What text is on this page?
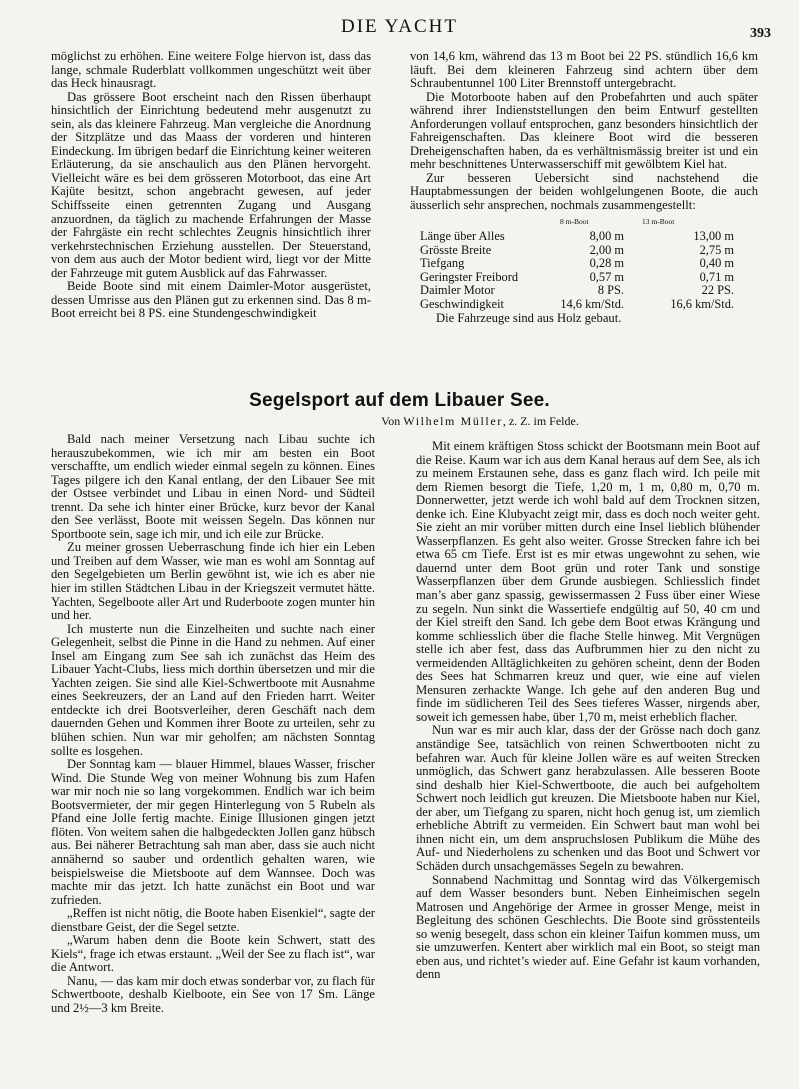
DIE YACHT	393

möglichst zu erhöhen. Eine weitere Folge hiervon ist, dass das lange, schmale Ruderblatt vollkommen ungeschützt weit über das Heck hinausragt.

Das grössere Boot erscheint nach den Rissen überhaupt hinsichtlich der Einrichtung bedeutend mehr ausgenutzt zu sein, als das kleinere Fahrzeug. Man vergleiche die Anordnung der Sitzplätze und das Maass der vorderen und hinteren Eindeckung. Im übrigen bedarf die Einrichtung keiner weiteren Erläuterung, da sie anschaulich aus den Plänen hervorgeht. Vielleicht wäre es bei dem grösseren Motorboot, das eine Art Kajüte besitzt, schon angebracht gewesen, auf jeder Schiffsseite einen getrennten Zugang und Ausgang anzuordnen, da täglich zu machende Erfahrungen der Masse der Fahrgäste ein recht schlechtes Zeugnis hinsichtlich ihrer verkehrstechnischen Erziehung ausstellen. Der Steuerstand, von dem aus auch der Motor bedient wird, liegt vor der Mitte der Fahrzeuge mit gutem Ausblick auf das Fahrwasser.

Beide Boote sind mit einem Daimler-Motor ausgerüstet, dessen Umrisse aus den Plänen gut zu erkennen sind. Das 8 m-Boot erreicht bei 8 PS. eine Stundengeschwindigkeit

von 14,6 km, während das 13 m Boot bei 22 PS. stündlich 16,6 km läuft. Bei dem kleineren Fahrzeug sind achtern über dem Schraubentunnel 100 Liter Brennstoff untergebracht.

Die Motorboote haben auf den Probefahrten und auch später während ihrer Indienststellungen den beim Entwurf gestellten Anforderungen vollauf entsprochen, ganz besonders hinsichtlich der Fahreigenschaften. Das kleinere Boot wird die besseren Dreheigenschaften haben, da es verhältnismässig breiter ist und ein mehr beschnittenes Unterwasserschiff mit gewölbtem Kiel hat.

Zur besseren Uebersicht sind nachstehend die Hauptabmessungen der beiden wohlgelungenen Boote, die auch äusserlich sehr ansprechen, nochmals zusammengestellt:

	8 m-Boot	13 m-Boot
Länge über Alles	8,00 m	13,00 m
Grösste Breite	2,00 m	2,75 m
Tiefgang	0,28 m	0,40 m
Geringster Freibord	0,57 m	0,71 m
Daimler Motor	8 PS.	22 PS.
Geschwindigkeit	14,6 km/Std.	16,6 km/Std.

Die Fahrzeuge sind aus Holz gebaut.

Segelsport auf dem Libauer See.
Von Wilhelm Müller, z. Z. im Felde.

Bald nach meiner Versetzung nach Libau suchte ich herauszubekommen, wie ich mir am besten ein Boot verschaffte, um endlich wieder einmal segeln zu können. Eines Tages pilgere ich den Kanal entlang, der den Libauer See mit der Ostsee verbindet und Libau in einen Nord- und Südteil trennt. Da sehe ich hinter einer Brücke, kurz bevor der Kanal den See verlässt, Boote mit weissen Segeln. Das können nur Sportboote sein, sage ich mir, und ich eile zur Brücke.

Zu meiner grossen Ueberraschung finde ich hier ein Leben und Treiben auf dem Wasser, wie man es wohl am Sonntag auf den Segelgebieten um Berlin gewöhnt ist, wie ich es aber nie hier im stillen Städtchen Libau in der Kriegszeit vermutet hätte. Yachten, Segelboote aller Art und Ruderboote zogen munter hin und her.

Ich musterte nun die Einzelheiten und suchte nach einer Gelegenheit, selbst die Pinne in die Hand zu nehmen. Auf einer Insel am Eingang zum See sah ich zunächst das Heim des Libauer Yacht-Clubs, liess mich dorthin übersetzen und mir die Yachten zeigen. Sie sind alle Kiel-Schwertboote mit Ausnahme eines Seekreuzers, der an Land auf den Frieden harrt. Weiter entdeckte ich drei Bootsverleiher, deren Geschäft nach dem dauernden Gehen und Kommen ihrer Boote zu urteilen, sehr zu blühen schien. Nun war mir geholfen; am nächsten Sonntag sollte es losgehen.

Der Sonntag kam — blauer Himmel, blaues Wasser, frischer Wind. Die Stunde Weg von meiner Wohnung bis zum Hafen war mir noch nie so lang vorgekommen. Endlich war ich beim Bootsvermieter, der mir gegen Hinterlegung von 5 Rubeln als Pfand eine Jolle fertig machte. Einige Illusionen gingen jetzt flöten. Von weitem sahen die halbgedeckten Jollen ganz hübsch aus. Bei näherer Betrachtung sah man aber, dass sie auch nicht annähernd so sauber und ordentlich gehalten waren, wie beispielsweise die Mietsboote auf dem Wannsee. Doch was machte mir das jetzt. Ich hatte zunächst ein Boot und war zufrieden.

„Reffen ist nicht nötig, die Boote haben Eisenkiel“, sagte der dienstbare Geist, der die Segel setzte.

„Warum haben denn die Boote kein Schwert, statt des Kiels“, frage ich etwas erstaunt. „Weil der See zu flach ist“, war die Antwort.

Nanu, — das kam mir doch etwas sonderbar vor, zu flach für Schwertboote, deshalb Kielboote, ein See von 17 Sm. Länge und 2½—3 km Breite.

Mit einem kräftigen Stoss schickt der Bootsmann mein Boot auf die Reise. Kaum war ich aus dem Kanal heraus auf dem See, als ich zu meinem Erstaunen sehe, dass es ganz flach wird. Ich peile mit dem Riemen besorgt die Tiefe, 1,20 m, 1 m, 0,80 m, 0,70 m. Donnerwetter, jetzt werde ich wohl bald auf dem Trocknen sitzen, denke ich. Eine Klubyacht zeigt mir, dass es doch noch weiter geht. Sie zieht an mir vorüber mitten durch eine Insel lieblich blühender Wasserpflanzen. Es geht also weiter. Grosse Strecken fahre ich bei etwa 65 cm Tiefe. Erst ist es mir etwas ungewohnt zu sehen, wie dauernd unter dem Boot grün und roter Tank und sonstige Wasserpflanzen über dem Grunde ausbiegen. Schliesslich findet man’s aber ganz spassig, gewissermassen 2 Fuss über einer Wiese zu segeln. Nun sinkt die Wassertiefe endgültig auf 50, 40 cm und der Kiel streift den Sand. Ich gebe dem Boot etwas Krängung und komme schliesslich über die flache Stelle hinweg. Mit Vergnügen stelle ich aber fest, dass das Aufbrummen hier zu den nicht zu vermeidenden Alltäglichkeiten zu gehören scheint, denn der Boden des Sees hat Schmarren kreuz und quer, wie eine auf vielen Mensuren zerhackte Wange. Ich gehe auf den anderen Bug und finde im südlicheren Teil des Sees tieferes Wasser, nirgends aber, soweit ich gemessen habe, über 1,70 m, meist erheblich flacher.

Nun war es mir auch klar, dass der der Grösse nach doch ganz anständige See, tatsächlich von reinen Schwertbooten nicht zu befahren war. Auch für kleine Jollen wäre es auf weiten Strecken unmöglich, das Schwert ganz herabzulassen. Alle besseren Boote sind deshalb hier Kiel-Schwertboote, die auch bei aufgeholtem Schwert noch leidlich gut kreuzen. Die Mietsboote haben nur Kiel, der aber, um Tiefgang zu sparen, nicht hoch genug ist, um ziemlich erhebliche Abtrift zu vermeiden. Ein Schwert baut man wohl bei ihnen nicht ein, um dem anspruchslosen Publikum die Mühe des Auf- und Niederholens zu schenken und das Boot und Schwert vor Schäden durch unsachgemässes Segeln zu bewahren.

Sonnabend Nachmittag und Sonntag wird das Völkergemisch auf dem Wasser besonders bunt. Neben Einheimischen segeln Matrosen und Angehörige der Armee in grosser Menge, meist in Begleitung des schönen Geschlechts. Die Boote sind grösstenteils so wenig besegelt, dass schon ein kleiner Taifun kommen muss, um sie umzuwerfen. Kentert aber wirklich mal ein Boot, so steigt man eben aus, und richtet’s wieder auf. Eine Gefahr ist kaum vorhanden, denn
